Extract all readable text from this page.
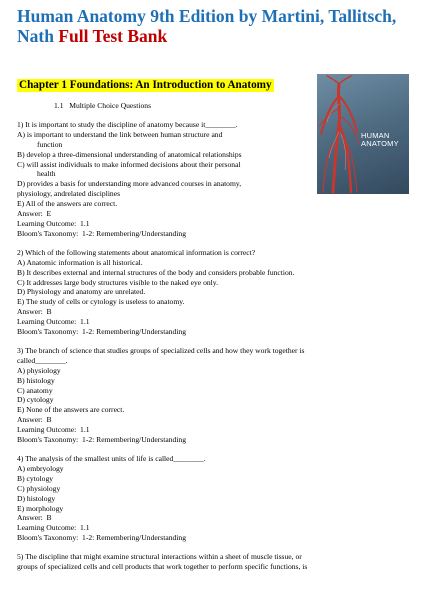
Human Anatomy 9th Edition by Martini, Tallitsch, Nath Full Test Bank
Chapter 1 Foundations: An Introduction to Anatomy
HUMAN ANATOMY
1.1   Multiple Choice Questions
1) It is important to study the discipline of anatomy because it________.
A) is important to understand the link between human structure and
function
B) develop a three-dimensional understanding of anatomical relationships
C) will assist individuals to make informed decisions about their personal
health
D) provides a basis for understanding more advanced courses in anatomy,
physiology, andrelated disciplines
E) All of the answers are correct.
Answer:  E
Learning Outcome:  1.1
Bloom's Taxonomy:  1-2: Remembering/Understanding
2) Which of the following statements about anatomical information is correct?
A) Anatomic information is all historical.
B) It describes external and internal structures of the body and considers probable function.
C) It addresses large body structures visible to the naked eye only.
D) Physiology and anatomy are unrelated.
E) The study of cells or cytology is useless to anatomy.
Answer:  B
Learning Outcome:  1.1
Bloom's Taxonomy:  1-2: Remembering/Understanding
3) The branch of science that studies groups of specialized cells and how they work together is
called________.
A) physiology
B) histology
C) anatomy
D) cytology
E) None of the answers are correct.
Answer:  B
Learning Outcome:  1.1
Bloom's Taxonomy:  1-2: Remembering/Understanding
4) The analysis of the smallest units of life is called________.
A) embryology
B) cytology
C) physiology
D) histology
E) morphology
Answer:  B
Learning Outcome:  1.1
Bloom's Taxonomy:  1-2: Remembering/Understanding
5) The discipline that might examine structural interactions within a sheet of muscle tissue, or
groups of specialized cells and cell products that work together to perform specific functions, is
